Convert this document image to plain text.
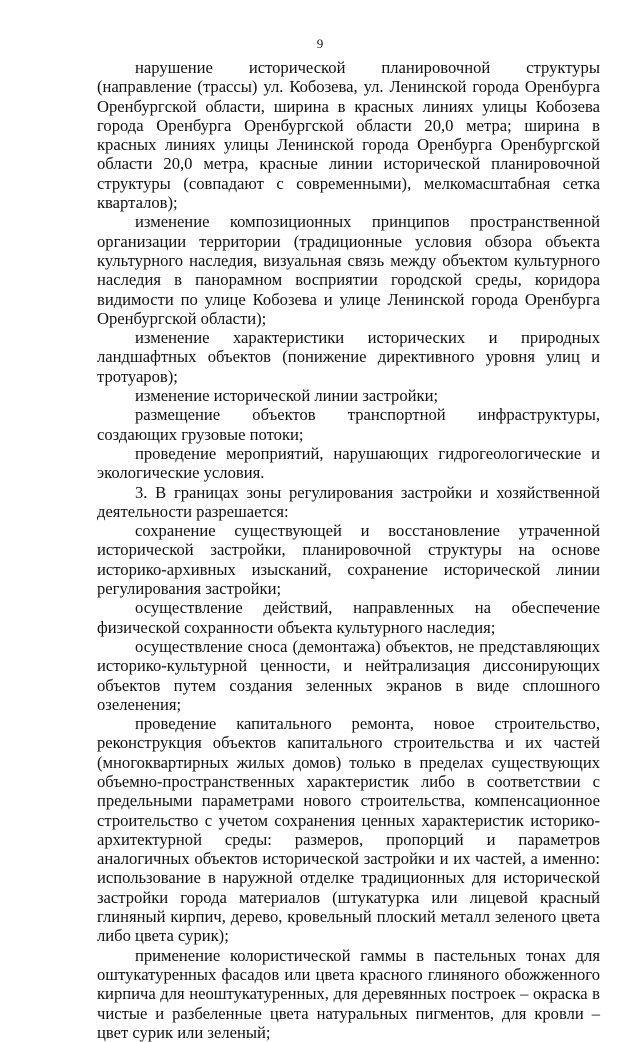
9

нарушение исторической планировочной структуры (направление (трассы) ул. Кобозева, ул. Ленинской города Оренбурга Оренбургской области, ширина в красных линиях улицы Кобозева города Оренбурга Оренбургской области 20,0 метра; ширина в красных линиях улицы Ленинской города Оренбурга Оренбургской области 20,0 метра, красные линии исторической планировочной структуры (совпадают с современными), мелкомасштабная сетка кварталов);

изменение композиционных принципов пространственной организации территории (традиционные условия обзора объекта культурного наследия, визуальная связь между объектом культурного наследия в панорамном восприятии городской среды, коридора видимости по улице Кобозева и улице Ленинской города Оренбурга Оренбургской области);

изменение характеристики исторических и природных ландшафтных объектов (понижение директивного уровня улиц и тротуаров);

изменение исторической линии застройки;

размещение объектов транспортной инфраструктуры, создающих грузовые потоки;

проведение мероприятий, нарушающих гидрогеологические и экологические условия.

3. В границах зоны регулирования застройки и хозяйственной деятельности разрешается:

сохранение существующей и восстановление утраченной исторической застройки, планировочной структуры на основе историко-архивных изысканий, сохранение исторической линии регулирования застройки;

осуществление действий, направленных на обеспечение физической сохранности объекта культурного наследия;

осуществление сноса (демонтажа) объектов, не представляющих историко-культурной ценности, и нейтрализация диссонирующих объектов путем создания зеленных экранов в виде сплошного озеленения;

проведение капитального ремонта, новое строительство, реконструкция объектов капитального строительства и их частей (многоквартирных жилых домов) только в пределах существующих объемно-пространственных характеристик либо в соответствии с предельными параметрами нового строительства, компенсационное строительство с учетом сохранения ценных характеристик историко-архитектурной среды: размеров, пропорций и параметров аналогичных объектов исторической застройки и их частей, а именно: использование в наружной отделке традиционных для исторической застройки города материалов (штукатурка или лицевой красный глиняный кирпич, дерево, кровельный плоский металл зеленого цвета либо цвета сурик);

применение колористической гаммы в пастельных тонах для оштукатуренных фасадов или цвета красного глиняного обожженного кирпича для неоштукатуренных, для деревянных построек – окраска в чистые и разбеленные цвета натуральных пигментов, для кровли – цвет сурик или зеленый;
